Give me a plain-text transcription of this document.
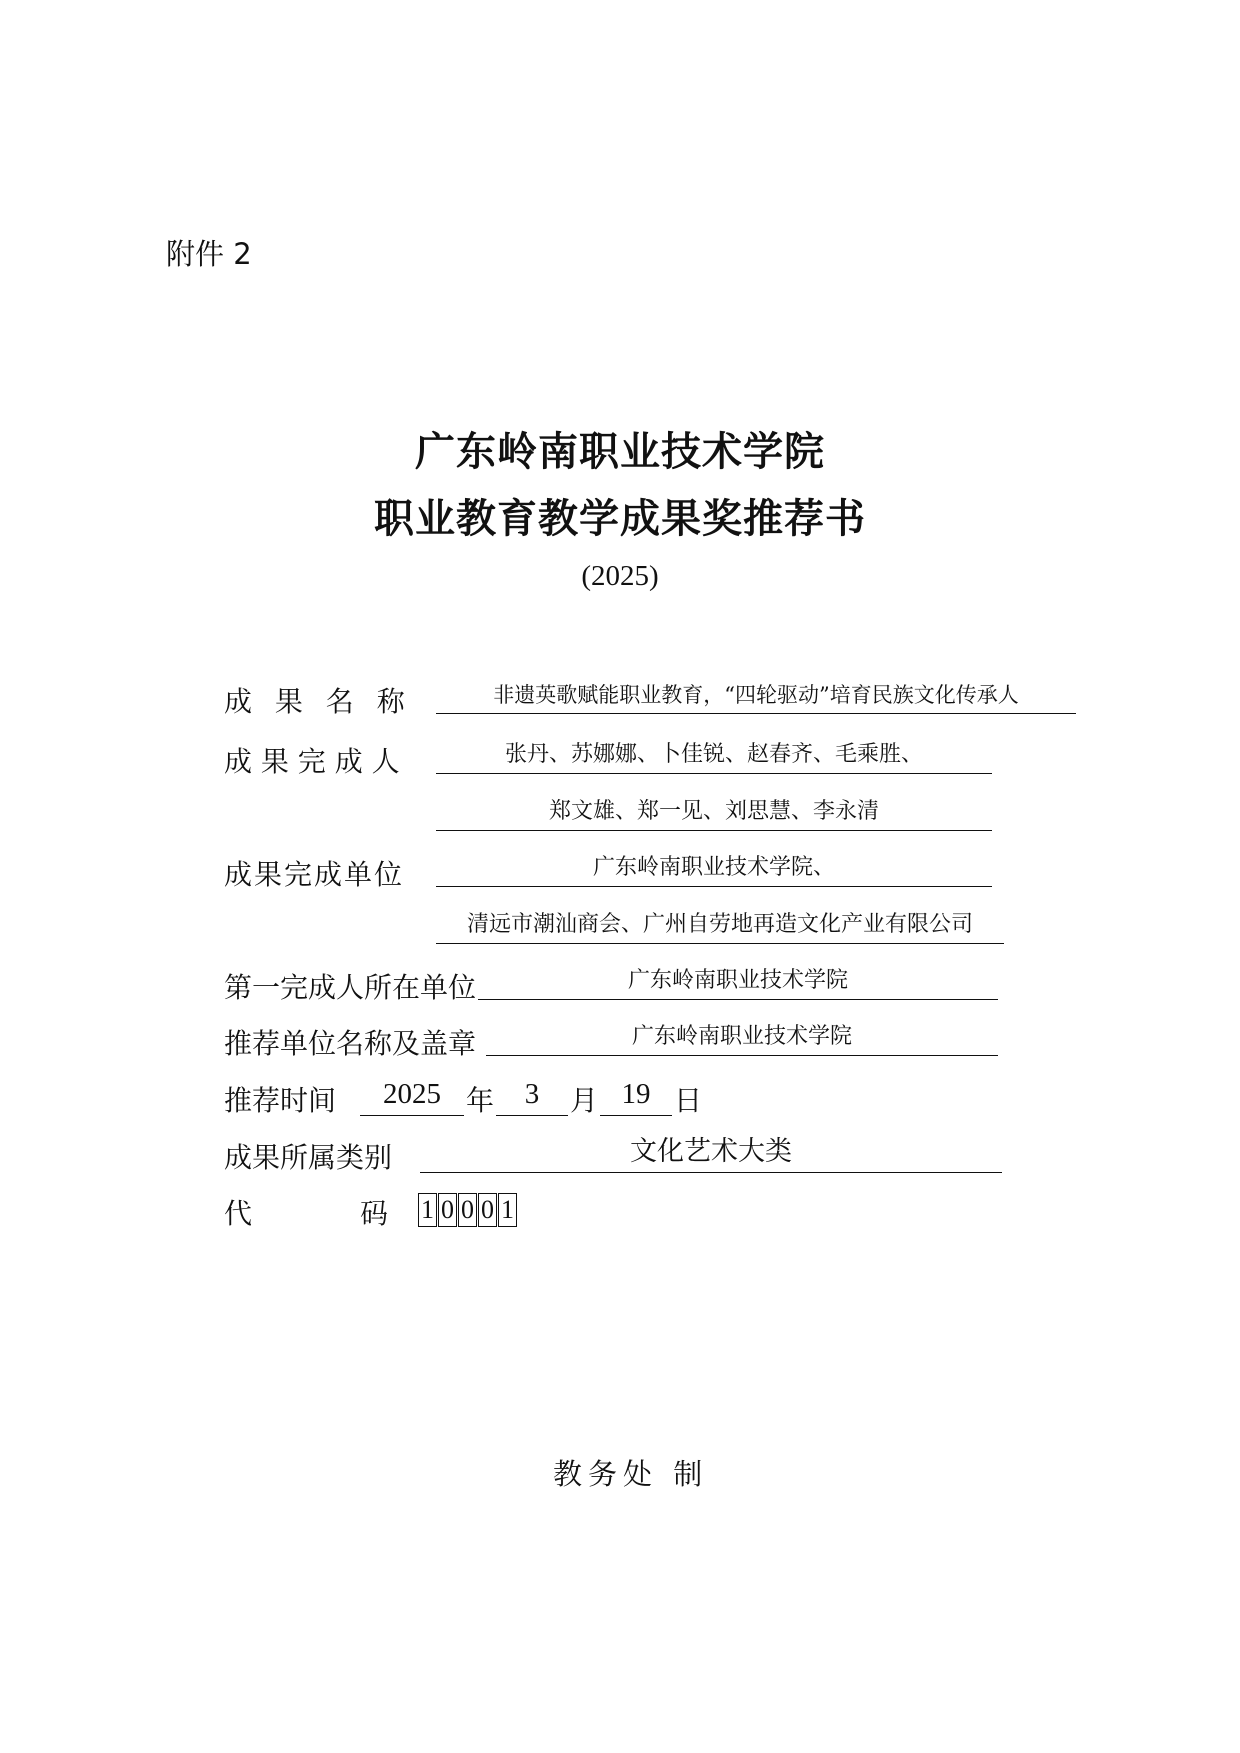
附件 2
广东岭南职业技术学院
职业教育教学成果奖推荐书
(2025)
成 果 名 称	非遗英歌赋能职业教育，“四轮驱动”培育民族文化传承人
成 果 完 成 人	张丹、苏娜娜、卜佳锐、赵春齐、毛乘胜、
郑文雄、郑一见、刘思慧、李永清
成果完成单位	广东岭南职业技术学院、
清远市潮汕商会、广州自劳地再造文化产业有限公司
第一完成人所在单位	广东岭南职业技术学院
推荐单位名称及盖章	广东岭南职业技术学院
推荐时间	2025 年	3	月 19 日
成果所属类别	文化艺术大类
代	码 1 0 0 0 1
教务处 制
